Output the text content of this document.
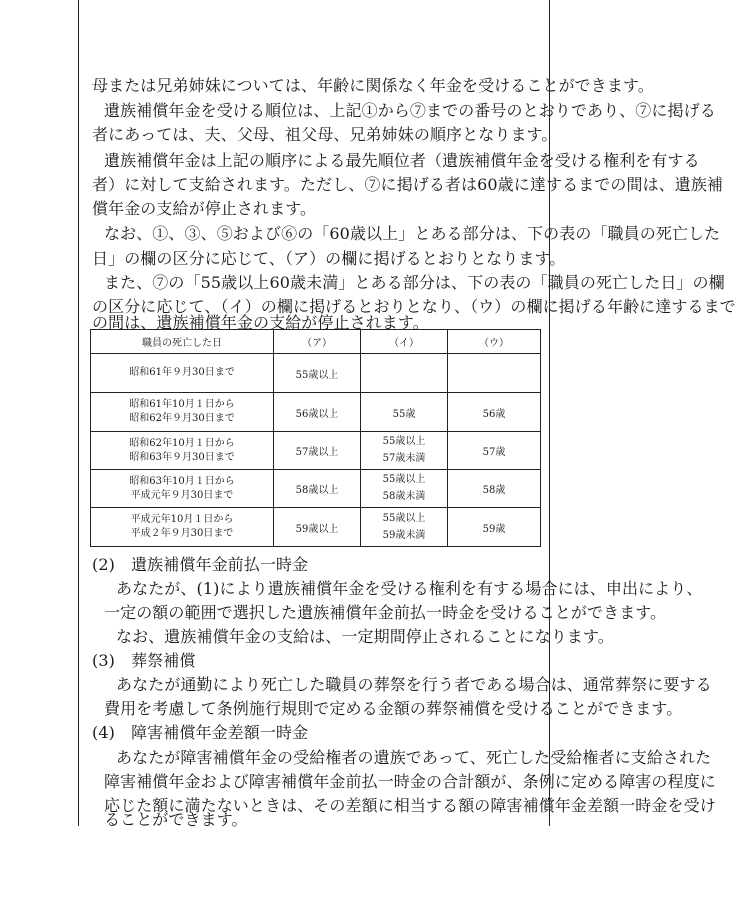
母または兄弟姉妹については、年齢に関係なく年金を受けることができます。
遺族補償年金を受ける順位は、上記①から⑦までの番号のとおりであり、⑦に掲げる
者にあっては、夫、父母、祖父母、兄弟姉妹の順序となります。
遺族補償年金は上記の順序による最先順位者（遺族補償年金を受ける権利を有する
者）に対して支給されます。ただし、⑦に掲げる者は60歳に達するまでの間は、遺族補
償年金の支給が停止されます。
なお、①、③、⑤および⑥の「60歳以上」とある部分は、下の表の「職員の死亡した
日」の欄の区分に応じて、（ア）の欄に掲げるとおりとなります。
また、⑦の「55歳以上60歳未満」とある部分は、下の表の「職員の死亡した日」の欄
の区分に応じて、（イ）の欄に掲げるとおりとなり、（ウ）の欄に掲げる年齢に達するまで
の間は、遺族補償年金の支給が停止されます。
職員の死亡した日	（ア）	（イ）	（ウ）

昭和61年９月30日まで	55歳以上		

昭和61年10月１日から
昭和62年９月30日まで	56歳以上	55歳	56歳

昭和62年10月１日から
昭和63年９月30日まで	57歳以上	55歳以上
57歳未満	57歳

昭和63年10月１日から
平成元年９月30日まで	58歳以上	55歳以上
58歳未満	58歳

平成元年10月１日から
平成２年９月30日まで	59歳以上	55歳以上
59歳未満	59歳
(2)　遺族補償年金前払一時金
あなたが、(1)により遺族補償年金を受ける権利を有する場合には、申出により、
一定の額の範囲で選択した遺族補償年金前払一時金を受けることができます。
なお、遺族補償年金の支給は、一定期間停止されることになります。
(3)　葬祭補償
あなたが通勤により死亡した職員の葬祭を行う者である場合は、通常葬祭に要する
費用を考慮して条例施行規則で定める金額の葬祭補償を受けることができます。
(4)　障害補償年金差額一時金
あなたが障害補償年金の受給権者の遺族であって、死亡した受給権者に支給された
障害補償年金および障害補償年金前払一時金の合計額が、条例に定める障害の程度に
応じた額に満たないときは、その差額に相当する額の障害補償年金差額一時金を受け
ることができます。
